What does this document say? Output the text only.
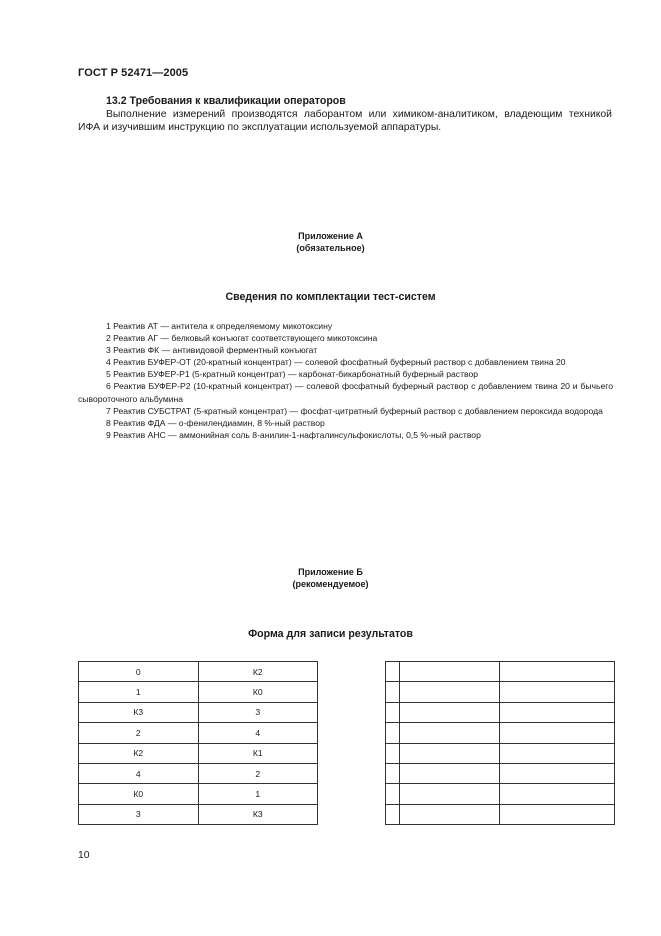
ГОСТ Р 52471—2005
13.2 Требования к квалификации операторов
Выполнение измерений производятся лаборантом или химиком-аналитиком, владеющим техникой ИФА и изучившим инструкцию по эксплуатации используемой аппаратуры.
Приложение А
(обязательное)
Сведения по комплектации тест-систем
1 Реактив АТ — антитела к определяемому микотоксину
2 Реактив АГ — белковый конъюгат соответствующего микотоксина
3 Реактив ФК — антивидовой ферментный конъюгат
4 Реактив БУФЕР-ОТ (20-кратный концентрат) — солевой фосфатный буферный раствор с добавлением твина 20
5 Реактив БУФЕР-Р1 (5-кратный концентрат) — карбонат-бикарбонатный буферный раствор
6 Реактив БУФЕР-Р2 (10-кратный концентрат) — солевой фосфатный буферный раствор с добавлением твина 20 и бычьего сывороточного альбумина
7 Реактив СУБСТРАТ (5-кратный концентрат) — фосфат-цитратный буферный раствор с добавлением пероксида водорода
8 Реактив ФДА — о-фенилендиамин, 8 %-ный раствор
9 Реактив АНС — аммонийная соль 8-анилин-1-нафталинсульфокислоты, 0,5 %-ный раствор
Приложение Б
(рекомендуемое)
Форма для записи результатов
0	К2
1	К0
К3	3
2	4
К2	К1
4	2
К0	1
3	К3

10
